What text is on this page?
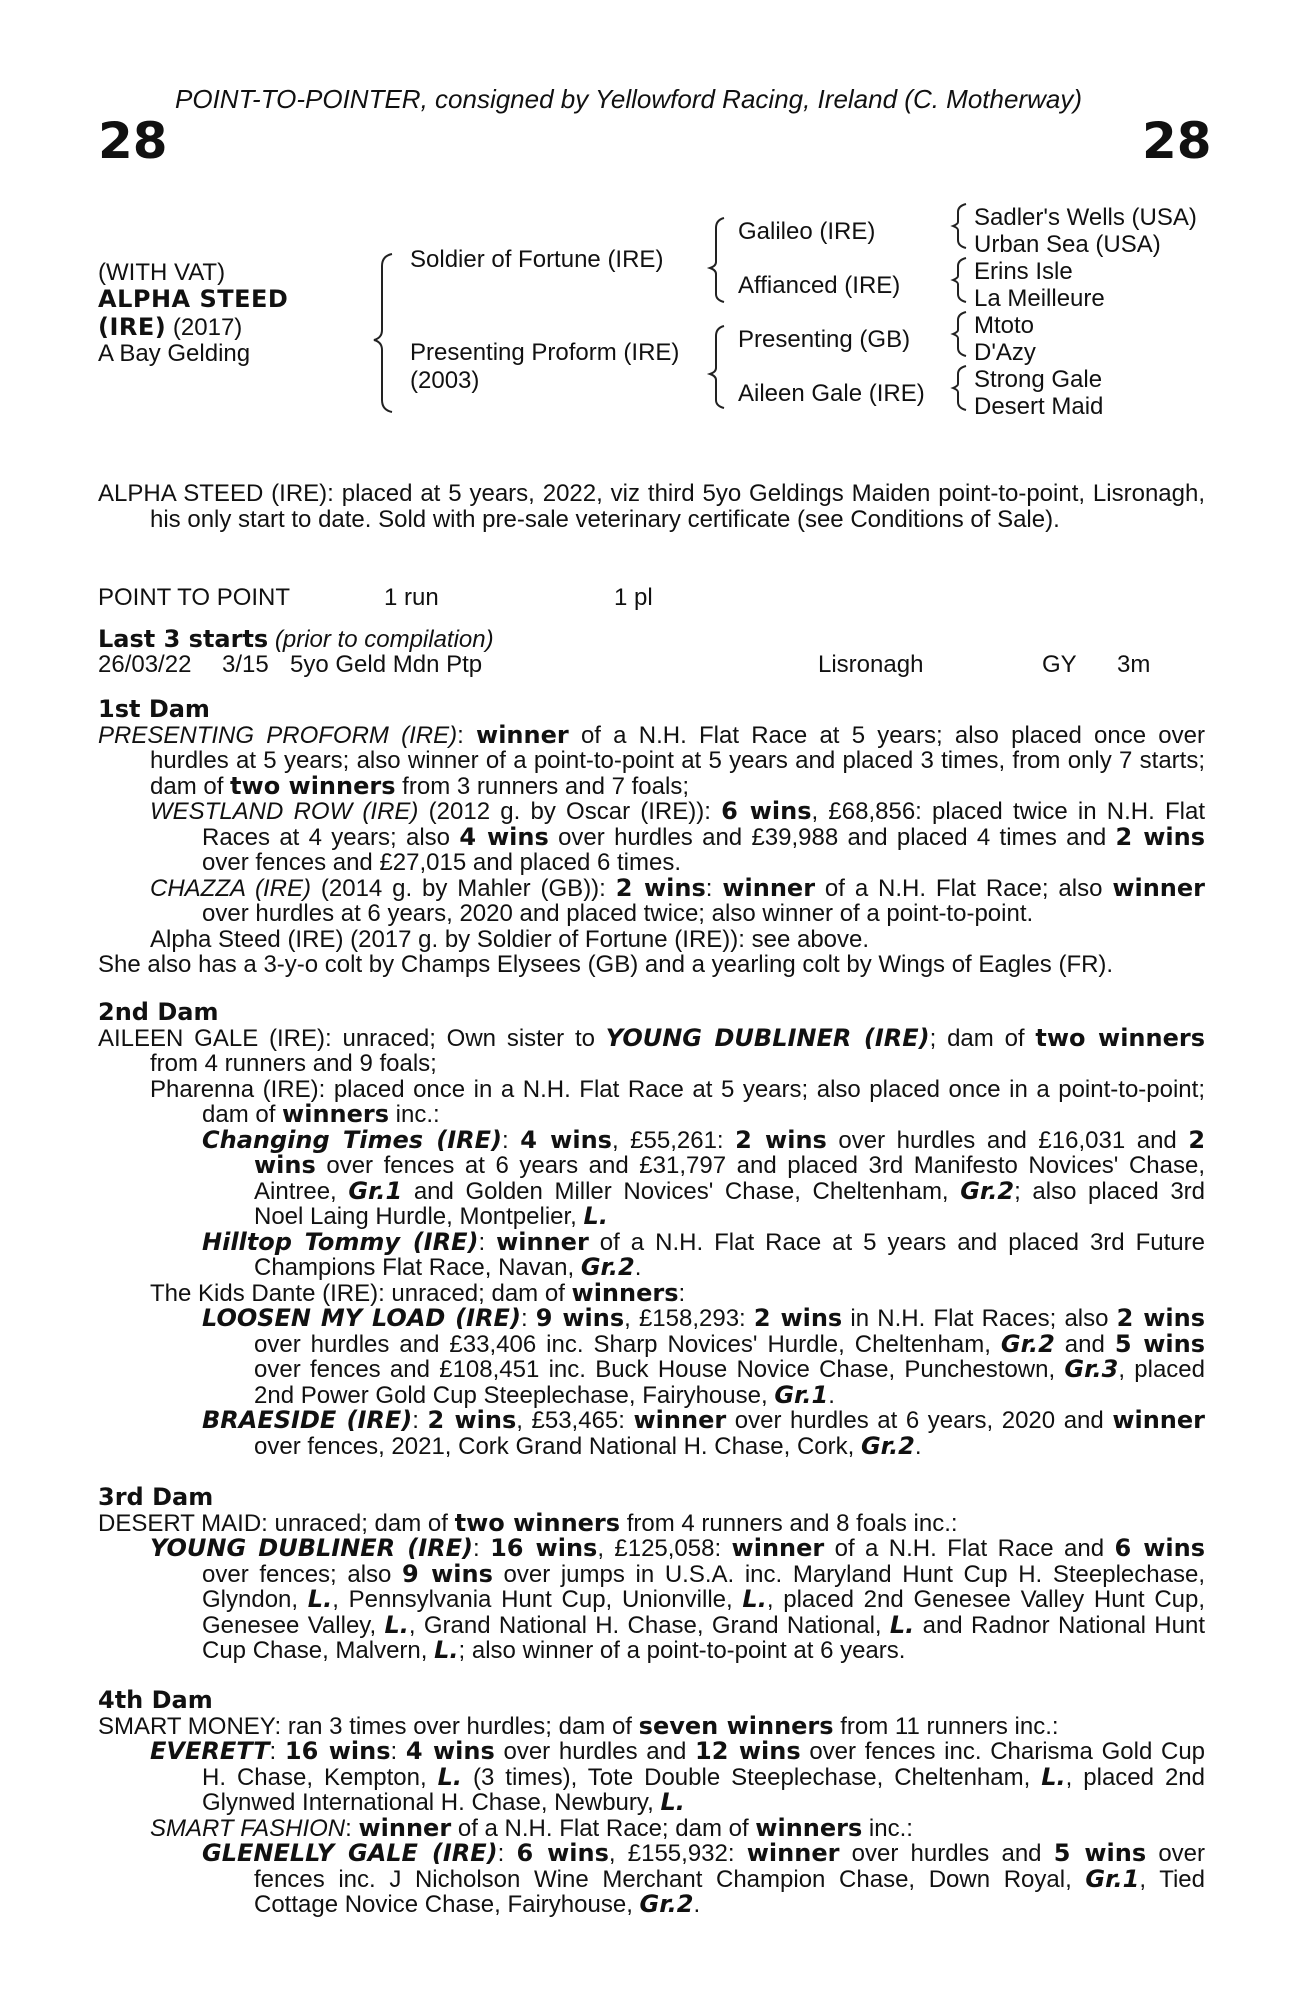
POINT-TO-POINTER, consigned by Yellowford Racing, Ireland (C. Motherway)
28	28
(WITH VAT)
ALPHA STEED
(IRE) (2017)
A Bay Gelding
Soldier of Fortune (IRE)
Presenting Proform (IRE)
(2003)
Galileo (IRE)
Affianced (IRE)
Presenting (GB)
Aileen Gale (IRE)
Sadler's Wells (USA)
Urban Sea (USA)
Erins Isle
La Meilleure
Mtoto
D'Azy
Strong Gale
Desert Maid

ALPHA STEED (IRE): placed at 5 years, 2022, viz third 5yo Geldings Maiden point-to-point, Lisronagh, his only start to date. Sold with pre-sale veterinary certificate (see Conditions of Sale).

POINT TO POINT	1 run	1 pl
Last 3 starts (prior to compilation)
26/03/22 3/15 5yo Geld Mdn Ptp	Lisronagh	GY 3m

1st Dam

PRESENTING PROFORM (IRE): winner of a N.H. Flat Race at 5 years; also placed once over hurdles at 5 years; also winner of a point-to-point at 5 years and placed 3 times, from only 7 starts; dam of two winners from 3 runners and 7 foals;

WESTLAND ROW (IRE) (2012 g. by Oscar (IRE)): 6 wins, £68,856: placed twice in N.H. Flat Races at 4 years; also 4 wins over hurdles and £39,988 and placed 4 times and 2 wins over fences and £27,015 and placed 6 times.

CHAZZA (IRE) (2014 g. by Mahler (GB)): 2 wins: winner of a N.H. Flat Race; also winner over hurdles at 6 years, 2020 and placed twice; also winner of a point-to-point.

Alpha Steed (IRE) (2017 g. by Soldier of Fortune (IRE)): see above.

She also has a 3-y-o colt by Champs Elysees (GB) and a yearling colt by Wings of Eagles (FR).

2nd Dam

AILEEN GALE (IRE): unraced; Own sister to YOUNG DUBLINER (IRE); dam of two winners from 4 runners and 9 foals;

Pharenna (IRE): placed once in a N.H. Flat Race at 5 years; also placed once in a point-to-point; dam of winners inc.:

Changing Times (IRE): 4 wins, £55,261: 2 wins over hurdles and £16,031 and 2 wins over fences at 6 years and £31,797 and placed 3rd Manifesto Novices' Chase, Aintree, Gr.1 and Golden Miller Novices' Chase, Cheltenham, Gr.2; also placed 3rd Noel Laing Hurdle, Montpelier, L.

Hilltop Tommy (IRE): winner of a N.H. Flat Race at 5 years and placed 3rd Future Champions Flat Race, Navan, Gr.2.

The Kids Dante (IRE): unraced; dam of winners:

LOOSEN MY LOAD (IRE): 9 wins, £158,293: 2 wins in N.H. Flat Races; also 2 wins over hurdles and £33,406 inc. Sharp Novices' Hurdle, Cheltenham, Gr.2 and 5 wins over fences and £108,451 inc. Buck House Novice Chase, Punchestown, Gr.3, placed 2nd Power Gold Cup Steeplechase, Fairyhouse, Gr.1.

BRAESIDE (IRE): 2 wins, £53,465: winner over hurdles at 6 years, 2020 and winner over fences, 2021, Cork Grand National H. Chase, Cork, Gr.2.

3rd Dam

DESERT MAID: unraced; dam of two winners from 4 runners and 8 foals inc.:

YOUNG DUBLINER (IRE): 16 wins, £125,058: winner of a N.H. Flat Race and 6 wins over fences; also 9 wins over jumps in U.S.A. inc. Maryland Hunt Cup H. Steeplechase, Glyndon, L., Pennsylvania Hunt Cup, Unionville, L., placed 2nd Genesee Valley Hunt Cup, Genesee Valley, L., Grand National H. Chase, Grand National, L. and Radnor National Hunt Cup Chase, Malvern, L.; also winner of a point-to-point at 6 years.

4th Dam

SMART MONEY: ran 3 times over hurdles; dam of seven winners from 11 runners inc.:

EVERETT: 16 wins: 4 wins over hurdles and 12 wins over fences inc. Charisma Gold Cup H. Chase, Kempton, L. (3 times), Tote Double Steeplechase, Cheltenham, L., placed 2nd Glynwed International H. Chase, Newbury, L.

SMART FASHION: winner of a N.H. Flat Race; dam of winners inc.:

GLENELLY GALE (IRE): 6 wins, £155,932: winner over hurdles and 5 wins over fences inc. J Nicholson Wine Merchant Champion Chase, Down Royal, Gr.1, Tied Cottage Novice Chase, Fairyhouse, Gr.2.
